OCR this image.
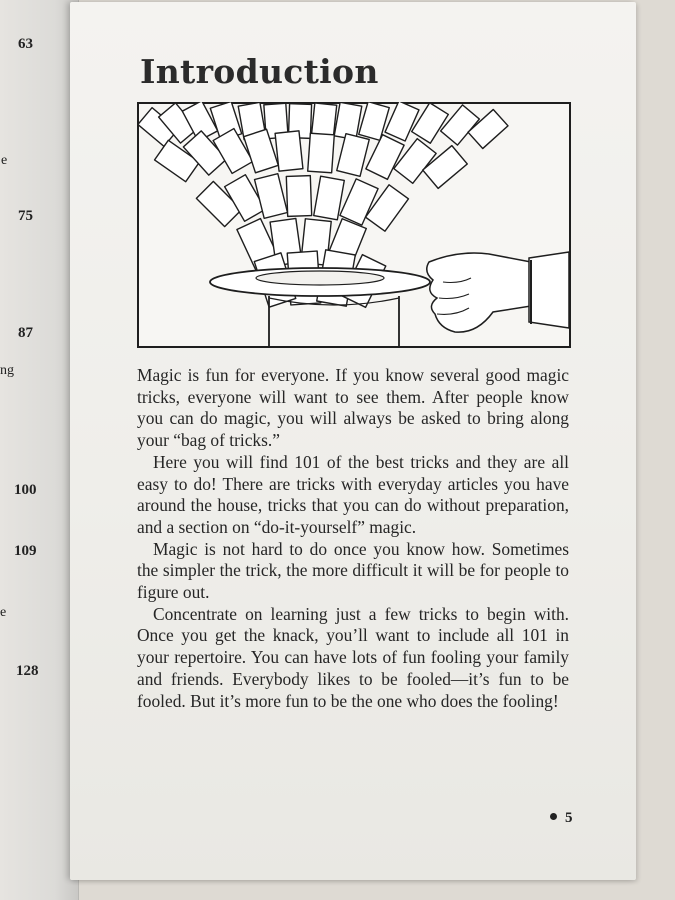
63
e
75
87
ng
100
109
e
128
Introduction

Magic is fun for everyone. If you know several good magic tricks, everyone will want to see them. After people know you can do magic, you will always be asked to bring along your “bag of tricks.”

Here you will find 101 of the best tricks and they are all easy to do! There are tricks with everyday articles you have around the house, tricks that you can do without preparation, and a section on “do-it-yourself” magic.

Magic is not hard to do once you know how. Sometimes the simpler the trick, the more difficult it will be for people to figure out.

Concentrate on learning just a few tricks to begin with. Once you get the knack, you’ll want to include all 101 in your repertoire. You can have lots of fun fooling your family and friends. Everybody likes to be fooled—it’s fun to be fooled. But it’s more fun to be the one who does the fooling!

5
